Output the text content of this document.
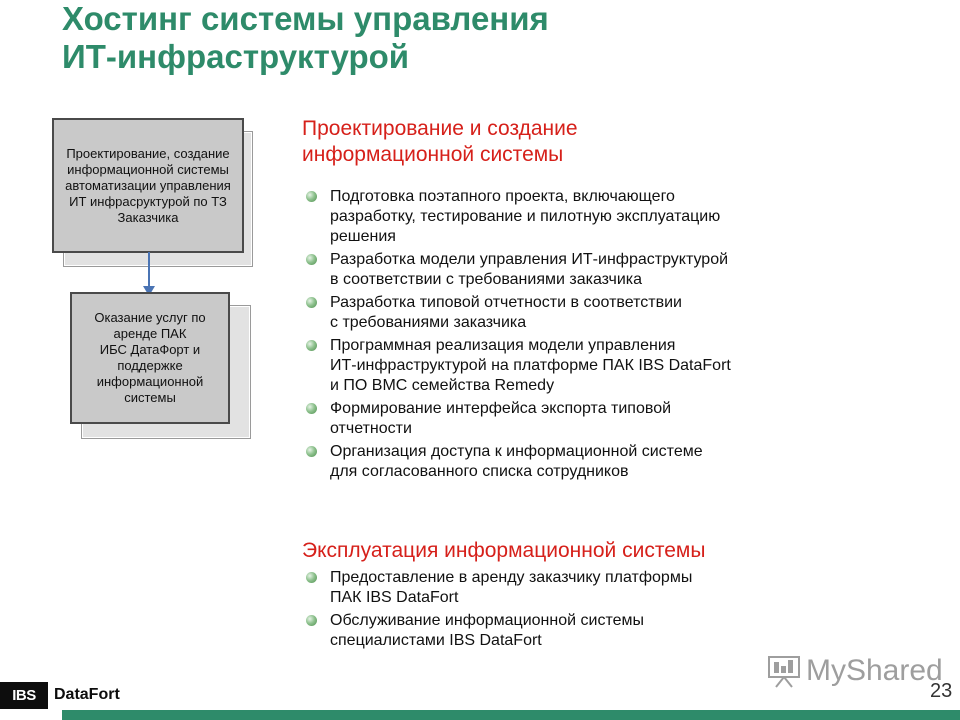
Хостинг системы управления
ИТ-инфраструктурой
Проектирование, создание информационной системы автоматизации управления ИТ инфрасруктурой по ТЗ Заказчика
Оказание услуг по аренде ПАК
ИБС ДатаФорт и поддержке информационной системы
Проектирование и создание
информационной системы
Подготовка поэтапного проекта, включающего
разработку, тестирование и пилотную эксплуатацию
решения
Разработка модели управления ИТ-инфраструктурой
в соответствии с требованиями заказчика
Разработка типовой отчетности в соответствии
с требованиями заказчика
Программная реализация модели управления
ИТ-инфраструктурой на платформе ПАК IBS DataFort
и ПО BMC семейства Remedy
Формирование интерфейса экспорта типовой
отчетности
Организация доступа к информационной системе
для согласованного списка сотрудников
Эксплуатация информационной системы
Предоставление в аренду заказчику платформы
ПАК IBS DataFort
Обслуживание информационной системы
специалистами IBS DataFort
MyShared
IBS	DataFort	23
